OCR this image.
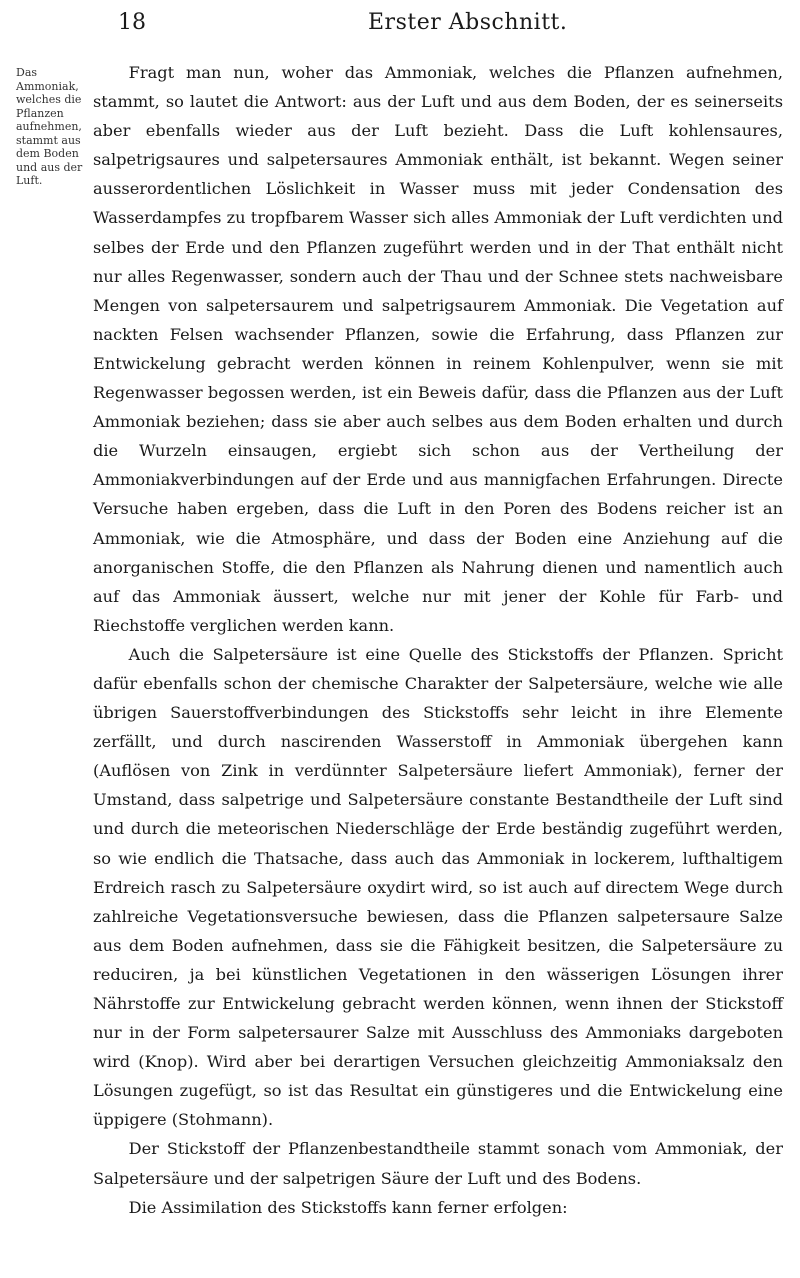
18	Erster Abschnitt.
Das Ammoniak, welches die Pflanzen aufnehmen, stammt aus dem Boden und aus der Luft.

Fragt man nun, woher das Ammoniak, welches die Pflanzen aufnehmen, stammt, so lautet die Antwort: aus der Luft und aus dem Boden, der es seinerseits aber ebenfalls wieder aus der Luft bezieht. Dass die Luft kohlensaures, salpetrigsaures und salpetersaures Ammoniak enthält, ist bekannt. Wegen seiner ausserordentlichen Löslichkeit in Wasser muss mit jeder Condensation des Wasserdampfes zu tropfbarem Wasser sich alles Ammoniak der Luft verdichten und selbes der Erde und den Pflanzen zugeführt werden und in der That enthält nicht nur alles Regenwasser, sondern auch der Thau und der Schnee stets nachweisbare Mengen von salpetersaurem und salpetrigsaurem Ammoniak. Die Vegetation auf nackten Felsen wachsender Pflanzen, sowie die Erfahrung, dass Pflanzen zur Entwickelung gebracht werden können in reinem Kohlenpulver, wenn sie mit Regenwasser begossen werden, ist ein Beweis dafür, dass die Pflanzen aus der Luft Ammoniak beziehen; dass sie aber auch selbes aus dem Boden erhalten und durch die Wurzeln einsaugen, ergiebt sich schon aus der Vertheilung der Ammoniakverbindungen auf der Erde und aus mannigfachen Erfahrungen. Directe Versuche haben ergeben, dass die Luft in den Poren des Bodens reicher ist an Ammoniak, wie die Atmosphäre, und dass der Boden eine Anziehung auf die anorganischen Stoffe, die den Pflanzen als Nahrung dienen und namentlich auch auf das Ammoniak äussert, welche nur mit jener der Kohle für Farb- und Riechstoffe verglichen werden kann.

Auch die Salpetersäure ist eine Quelle des Stickstoffs der Pflanzen. Spricht dafür ebenfalls schon der chemische Charakter der Salpetersäure, welche wie alle übrigen Sauerstoffverbindungen des Stickstoffs sehr leicht in ihre Elemente zerfällt, und durch nascirenden Wasserstoff in Ammoniak übergehen kann (Auflösen von Zink in verdünnter Salpetersäure liefert Ammoniak), ferner der Umstand, dass salpetrige und Salpetersäure constante Bestandtheile der Luft sind und durch die meteorischen Niederschläge der Erde beständig zugeführt werden, so wie endlich die Thatsache, dass auch das Ammoniak in lockerem, lufthaltigem Erdreich rasch zu Salpetersäure oxydirt wird, so ist auch auf directem Wege durch zahlreiche Vegetationsversuche bewiesen, dass die Pflanzen salpetersaure Salze aus dem Boden aufnehmen, dass sie die Fähigkeit besitzen, die Salpetersäure zu reduciren, ja bei künstlichen Vegetationen in den wässerigen Lösungen ihrer Nährstoffe zur Entwickelung gebracht werden können, wenn ihnen der Stickstoff nur in der Form salpetersaurer Salze mit Ausschluss des Ammoniaks dargeboten wird (Knop). Wird aber bei derartigen Versuchen gleichzeitig Ammoniaksalz den Lösungen zugefügt, so ist das Resultat ein günstigeres und die Entwickelung eine üppigere (Stohmann).

Der Stickstoff der Pflanzenbestandtheile stammt sonach vom Ammoniak, der Salpetersäure und der salpetrigen Säure der Luft und des Bodens.

Die Assimilation des Stickstoffs kann ferner erfolgen:
